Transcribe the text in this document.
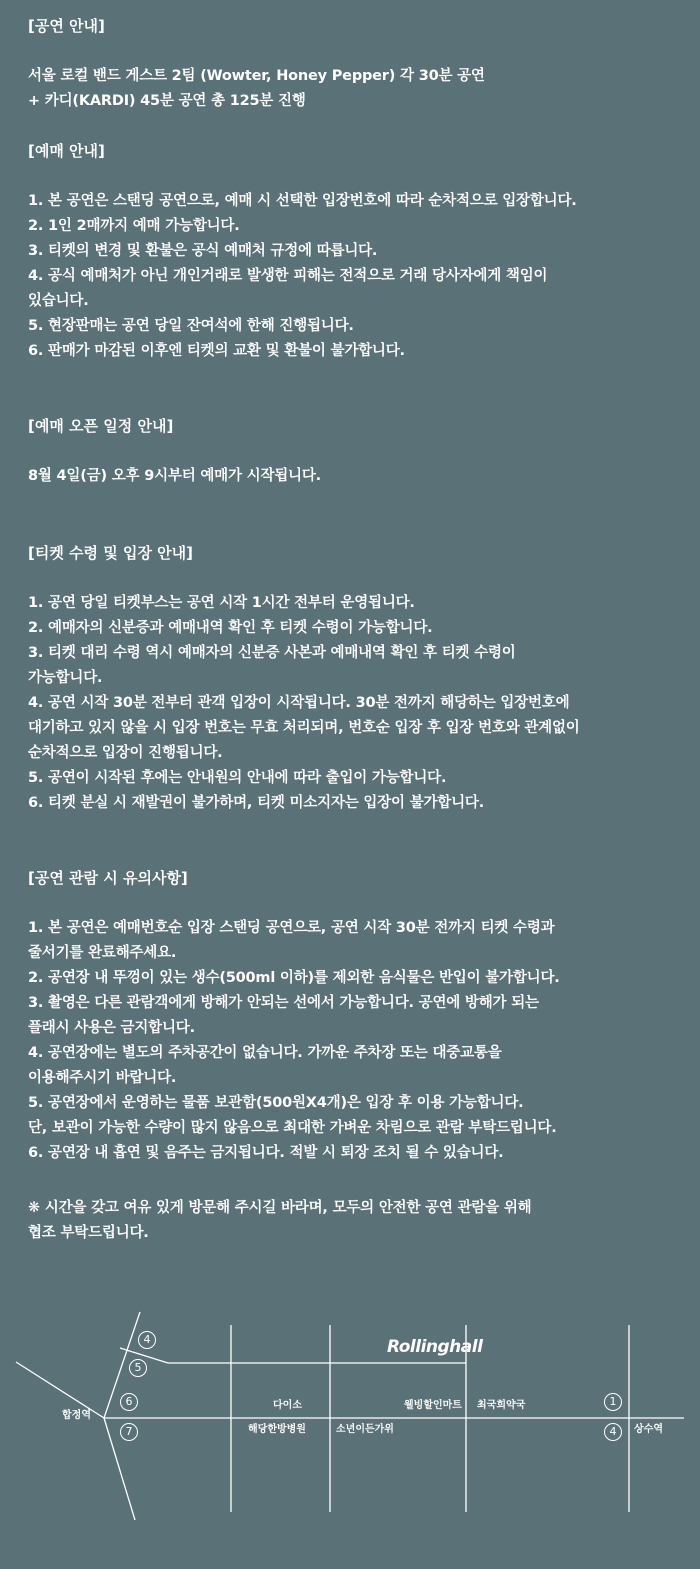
[공연 안내]
서울 로컬 밴드 게스트 2팀 (Wowter, Honey Pepper) 각 30분 공연
+ 카디(KARDI) 45분 공연 총 125분 진행
[예매 안내]
1. 본 공연은 스탠딩 공연으로, 예매 시 선택한 입장번호에 따라 순차적으로 입장합니다.
2. 1인 2매까지 예매 가능합니다.
3. 티켓의 변경 및 환불은 공식 예매처 규정에 따릅니다.
4. 공식 예매처가 아닌 개인거래로 발생한 피해는 전적으로 거래 당사자에게 책임이
있습니다.
5. 현장판매는 공연 당일 잔여석에 한해 진행됩니다.
6. 판매가 마감된 이후엔 티켓의 교환 및 환불이 불가합니다.
[예매 오픈 일정 안내]
8월 4일(금) 오후 9시부터 예매가 시작됩니다.
[티켓 수령 및 입장 안내]
1. 공연 당일 티켓부스는 공연 시작 1시간 전부터 운영됩니다.
2. 예매자의 신분증과 예매내역 확인 후 티켓 수령이 가능합니다.
3. 티켓 대리 수령 역시 예매자의 신분증 사본과 예매내역 확인 후 티켓 수령이
가능합니다.
4. 공연 시작 30분 전부터 관객 입장이 시작됩니다. 30분 전까지 해당하는 입장번호에
대기하고 있지 않을 시 입장 번호는 무효 처리되며, 번호순 입장 후 입장 번호와 관계없이
순차적으로 입장이 진행됩니다.
5. 공연이 시작된 후에는 안내원의 안내에 따라 출입이 가능합니다.
6. 티켓 분실 시 재발권이 불가하며, 티켓 미소지자는 입장이 불가합니다.
[공연 관람 시 유의사항]
1. 본 공연은 예매번호순 입장 스탠딩 공연으로, 공연 시작 30분 전까지 티켓 수령과
줄서기를 완료해주세요.
2. 공연장 내 뚜껑이 있는 생수(500ml 이하)를 제외한 음식물은 반입이 불가합니다.
3. 촬영은 다른 관람객에게 방해가 안되는 선에서 가능합니다. 공연에 방해가 되는
플래시 사용은 금지합니다.
4. 공연장에는 별도의 주차공간이 없습니다. 가까운 주차장 또는 대중교통을
이용해주시기 바랍니다.
5. 공연장에서 운영하는 물품 보관함(500원X4개)은 입장 후 이용 가능합니다.
단, 보관이 가능한 수량이 많지 않음으로 최대한 가벼운 차림으로 관람 부탁드립니다.
6. 공연장 내 흡연 및 음주는 금지됩니다. 적발 시 퇴장 조치 될 수 있습니다.
❋ 시간을 갖고 여유 있게 방문해 주시길 바라며, 모두의 안전한 공연 관람을 위해
협조 부탁드립니다.
Rollinghall
합정역
상수역
다이소
해당한방병원	소년이든가위
웰빙할인마트 최국희약국
4
5
6
7
1
4
